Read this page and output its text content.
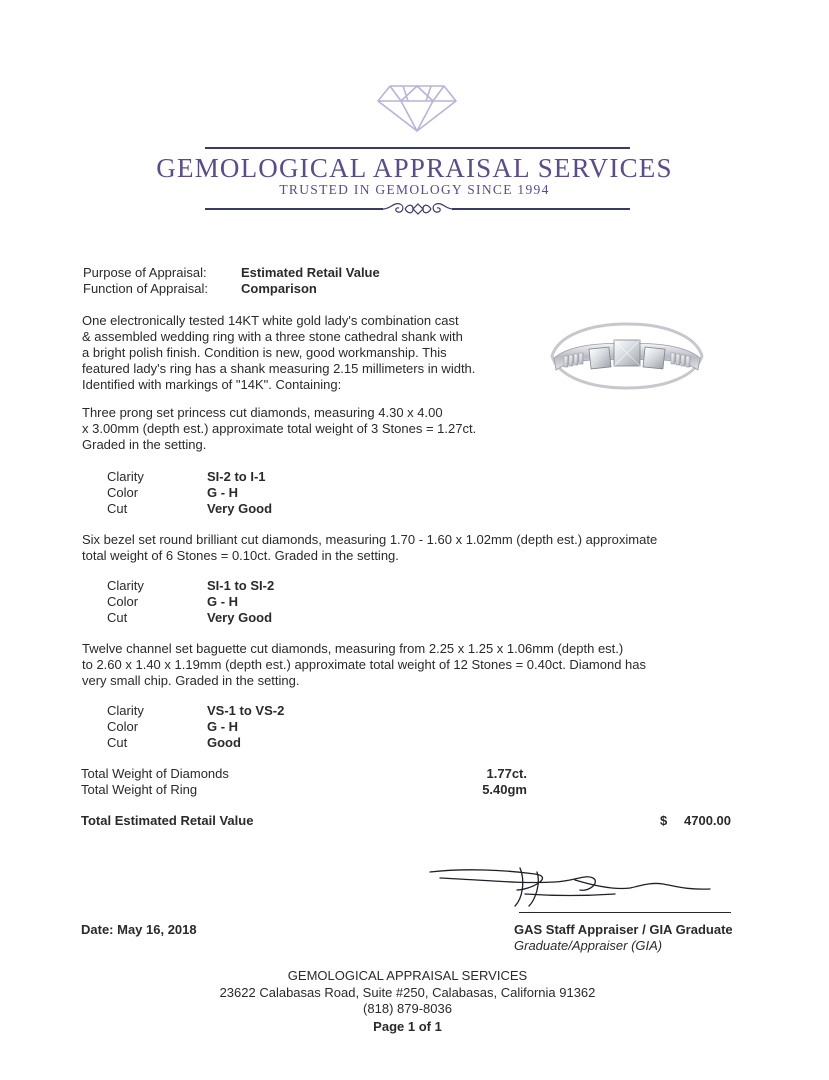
GEMOLOGICAL APPRAISAL SERVICES
TRUSTED IN GEMOLOGY SINCE 1994
Purpose of Appraisal:	Estimated Retail Value
Function of Appraisal:	Comparison
One electronically tested 14KT white gold lady's combination cast
& assembled wedding ring with a three stone cathedral shank with
a bright polish finish. Condition is new, good workmanship. This
featured lady's ring has a shank measuring 2.15 millimeters in width.
Identified with markings of "14K". Containing:
Three prong set princess cut diamonds, measuring 4.30 x 4.00
x 3.00mm (depth est.) approximate total weight of 3 Stones = 1.27ct.
Graded in the setting.
Clarity	SI-2 to I-1
Color	G - H
Cut	Very Good
Six bezel set round brilliant cut diamonds, measuring 1.70 - 1.60 x 1.02mm (depth est.) approximate
total weight of 6 Stones = 0.10ct. Graded in the setting.
Clarity	SI-1 to SI-2
Color	G - H
Cut	Very Good
Twelve channel set baguette cut diamonds, measuring from 2.25 x 1.25 x 1.06mm (depth est.)
to 2.60 x 1.40 x 1.19mm (depth est.) approximate total weight of 12 Stones = 0.40ct. Diamond has
very small chip. Graded in the setting.
Clarity	VS-1 to VS-2
Color	G - H
Cut	Good
Total Weight of Diamonds	1.77ct.
Total Weight of Ring	5.40gm
Total Estimated Retail Value	$	4700.00
Date: May 16, 2018	GAS Staff Appraiser / GIA Graduate
Graduate/Appraiser (GIA)
GEMOLOGICAL APPRAISAL SERVICES
23622 Calabasas Road, Suite #250, Calabasas, California 91362
(818) 879-8036
Page 1 of 1
